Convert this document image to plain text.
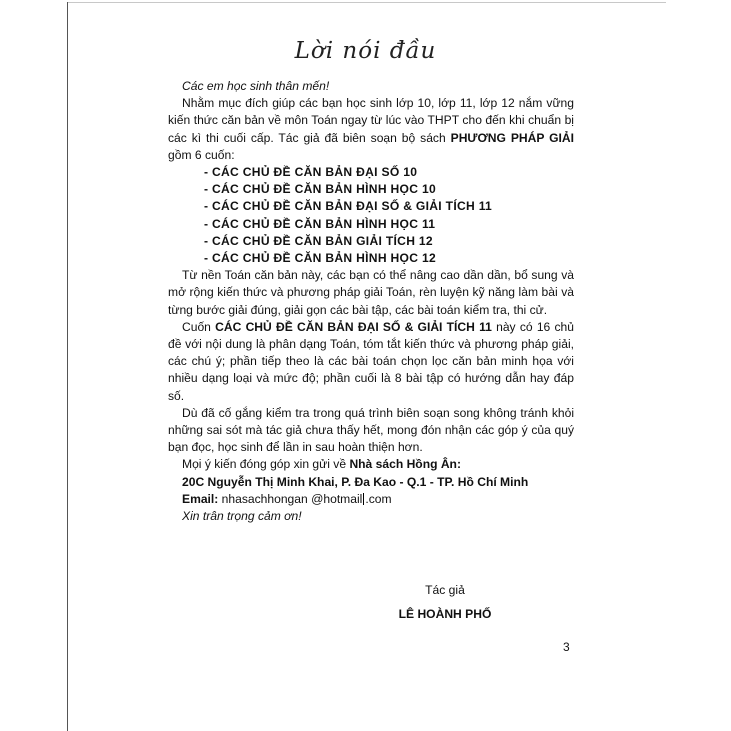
Lời nói đầu

Các em học sinh thân mến!

Nhằm mục đích giúp các bạn học sinh lớp 10, lớp 11, lớp 12 nắm vững kiến thức căn bản về môn Toán ngay từ lúc vào THPT cho đến khi chuẩn bị các kì thi cuối cấp. Tác giả đã biên soạn bộ sách PHƯƠNG PHÁP GIẢI gồm 6 cuốn:

- CÁC CHỦ ĐỀ CĂN BẢN ĐẠI SỐ 10
- CÁC CHỦ ĐỀ CĂN BẢN HÌNH HỌC 10
- CÁC CHỦ ĐỀ CĂN BẢN ĐẠI SỐ & GIẢI TÍCH 11
- CÁC CHỦ ĐỀ CĂN BẢN HÌNH HỌC 11
- CÁC CHỦ ĐỀ CĂN BẢN GIẢI TÍCH 12
- CÁC CHỦ ĐỀ CĂN BẢN HÌNH HỌC 12

Từ nền Toán căn bản này, các bạn có thể nâng cao dần dần, bổ sung và mở rộng kiến thức và phương pháp giải Toán, rèn luyện kỹ năng làm bài và từng bước giải đúng, giải gọn các bài tập, các bài toán kiểm tra, thi cử.

Cuốn CÁC CHỦ ĐỀ CĂN BẢN ĐẠI SỐ & GIẢI TÍCH 11 này có 16 chủ đề với nội dung là phân dạng Toán, tóm tắt kiến thức và phương pháp giải, các chú ý; phần tiếp theo là các bài toán chọn lọc căn bản minh họa với nhiều dạng loại và mức độ; phần cuối là 8 bài tập có hướng dẫn hay đáp số.

Dù đã cố gắng kiểm tra trong quá trình biên soạn song không tránh khỏi những sai sót mà tác giả chưa thấy hết, mong đón nhận các góp ý của quý bạn đọc, học sinh để lần in sau hoàn thiện hơn.

Mọi ý kiến đóng góp xin gửi về Nhà sách Hồng Ân:

20C Nguyễn Thị Minh Khai, P. Đa Kao - Q.1 - TP. Hồ Chí Minh

Email: nhasachhongan @hotmail .com

Xin trân trọng cảm ơn!

Tác giả
LÊ HOÀNH PHỐ
3
